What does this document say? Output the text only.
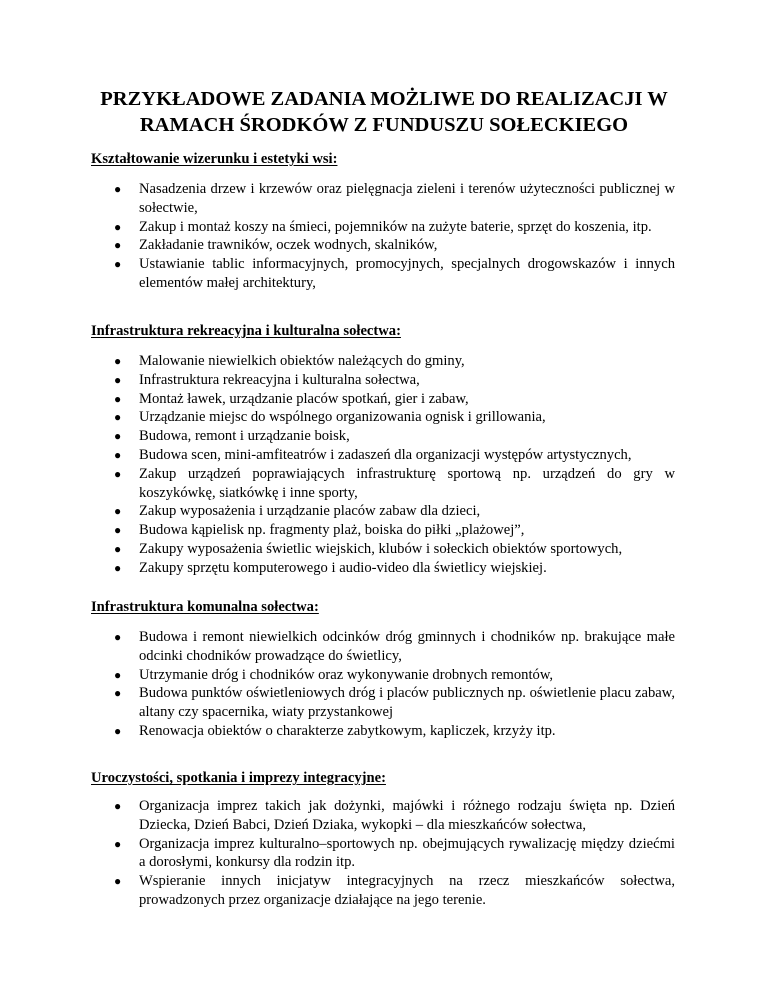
PRZYKŁADOWE ZADANIA MOŻLIWE DO REALIZACJI W RAMACH ŚRODKÓW Z FUNDUSZU SOŁECKIEGO

Kształtowanie wizerunku i estetyki wsi:

● Nasadzenia drzew i krzewów oraz pielęgnacja zieleni i terenów użyteczności publicznej w sołectwie,
● Zakup i montaż koszy na śmieci, pojemników na zużyte baterie, sprzęt do koszenia, itp.
● Zakładanie trawników, oczek wodnych, skalników,
● Ustawianie tablic informacyjnych, promocyjnych, specjalnych drogowskazów i innych elementów małej architektury,

Infrastruktura rekreacyjna i kulturalna sołectwa:

● Malowanie niewielkich obiektów należących do gminy,
● Infrastruktura rekreacyjna i kulturalna sołectwa,
● Montaż ławek, urządzanie placów spotkań, gier i zabaw,
● Urządzanie miejsc do wspólnego organizowania ognisk i grillowania,
● Budowa, remont i urządzanie boisk,
● Budowa scen, mini-amfiteatrów i zadaszeń dla organizacji występów artystycznych,
● Zakup urządzeń poprawiających infrastrukturę sportową np. urządzeń do gry w koszykówkę, siatkówkę i inne sporty,
● Zakup wyposażenia i urządzanie placów zabaw dla dzieci,
● Budowa kąpielisk np. fragmenty plaż, boiska do piłki „plażowej”,
● Zakupy wyposażenia świetlic wiejskich, klubów i sołeckich obiektów sportowych,
● Zakupy sprzętu komputerowego i audio-video dla świetlicy wiejskiej.

Infrastruktura komunalna sołectwa:

● Budowa i remont niewielkich odcinków dróg gminnych i chodników np. brakujące małe odcinki chodników prowadzące do świetlicy,
● Utrzymanie dróg i chodników oraz wykonywanie drobnych remontów,
● Budowa punktów oświetleniowych dróg i placów publicznych np. oświetlenie placu zabaw, altany czy spacernika, wiaty przystankowej
● Renowacja obiektów o charakterze zabytkowym, kapliczek, krzyży itp.

Uroczystości, spotkania i imprezy integracyjne:

● Organizacja imprez takich jak dożynki, majówki i różnego rodzaju święta np. Dzień Dziecka, Dzień Babci, Dzień Dziaka, wykopki – dla mieszkańców sołectwa,
● Organizacja imprez kulturalno–sportowych np. obejmujących rywalizację między dziećmi a dorosłymi, konkursy dla rodzin itp.
● Wspieranie innych inicjatyw integracyjnych na rzecz mieszkańców sołectwa, prowadzonych przez organizacje działające na jego terenie.
